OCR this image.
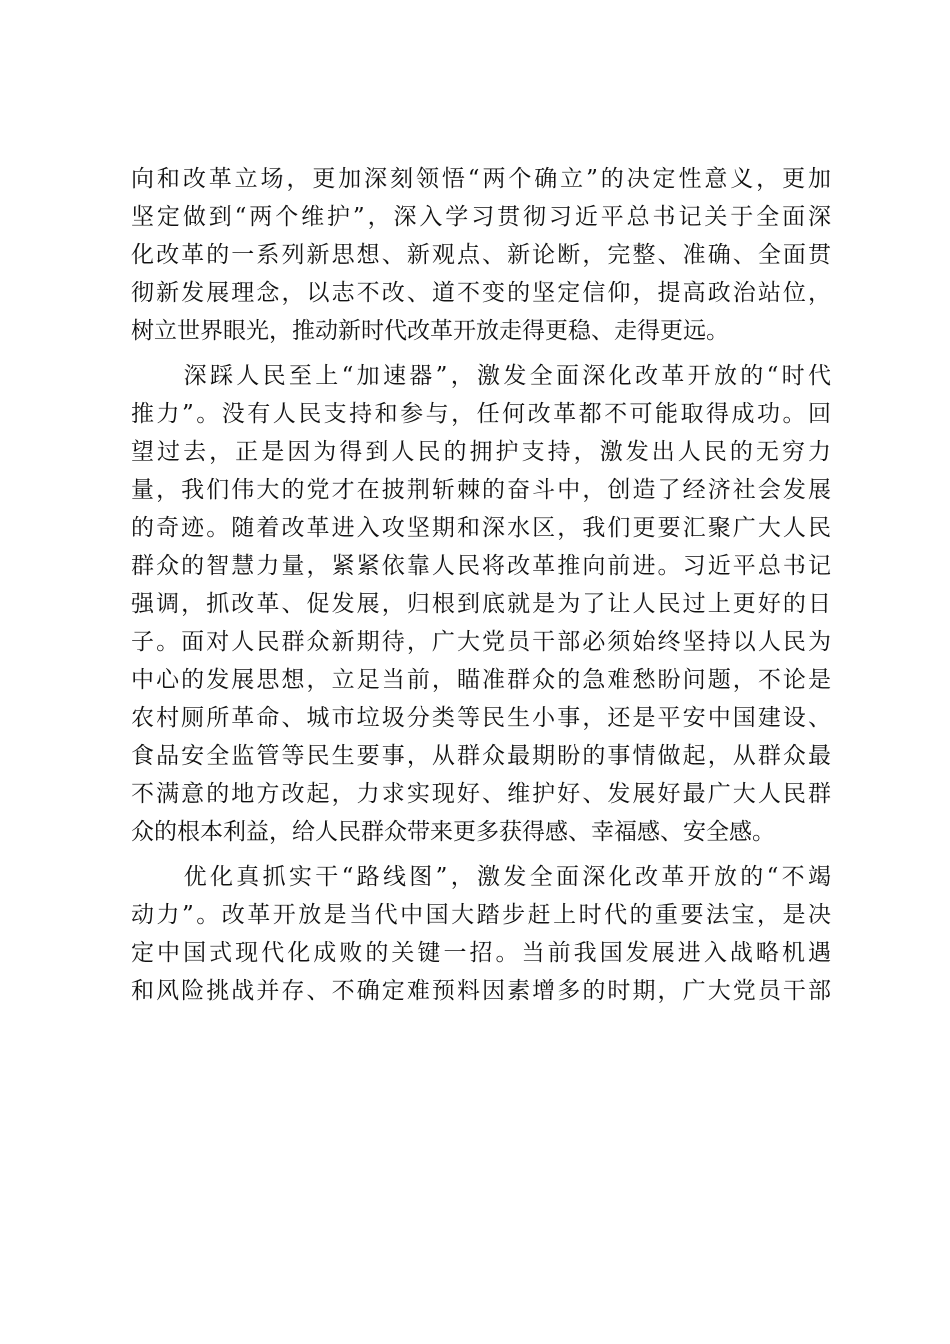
向和改革立场，更加深刻领悟“两个确立”的决定性意义，更加
坚定做到“两个维护”，深入学习贯彻习近平总书记关于全面深
化改革的一系列新思想、新观点、新论断，完整、准确、全面贯
彻新发展理念，以志不改、道不变的坚定信仰，提高政治站位，
树立世界眼光，推动新时代改革开放走得更稳、走得更远。
　　深踩人民至上“加速器”，激发全面深化改革开放的“时代
推力”。没有人民支持和参与，任何改革都不可能取得成功。回
望过去，正是因为得到人民的拥护支持，激发出人民的无穷力
量，我们伟大的党才在披荆斩棘的奋斗中，创造了经济社会发展
的奇迹。随着改革进入攻坚期和深水区，我们更要汇聚广大人民
群众的智慧力量，紧紧依靠人民将改革推向前进。习近平总书记
强调，抓改革、促发展，归根到底就是为了让人民过上更好的日
子。面对人民群众新期待，广大党员干部必须始终坚持以人民为
中心的发展思想，立足当前，瞄准群众的急难愁盼问题，不论是
农村厕所革命、城市垃圾分类等民生小事，还是平安中国建设、
食品安全监管等民生要事，从群众最期盼的事情做起，从群众最
不满意的地方改起，力求实现好、维护好、发展好最广大人民群
众的根本利益，给人民群众带来更多获得感、幸福感、安全感。
　　优化真抓实干“路线图”，激发全面深化改革开放的“不竭
动力”。改革开放是当代中国大踏步赶上时代的重要法宝，是决
定中国式现代化成败的关键一招。当前我国发展进入战略机遇
和风险挑战并存、不确定难预料因素增多的时期，广大党员干部
